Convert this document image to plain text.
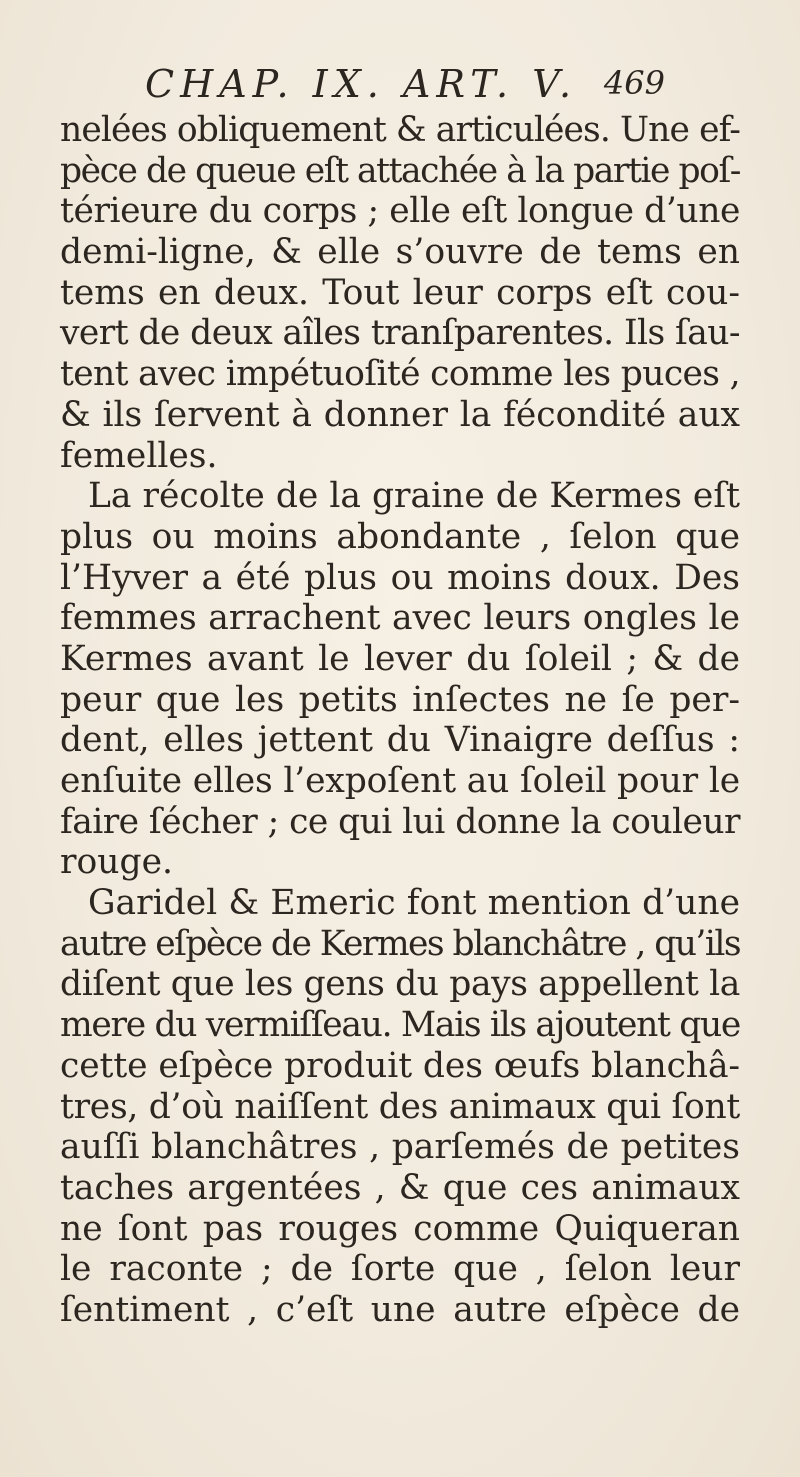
CHAP. IX. ART. V. 469
nelées obliquement & articulées. Une ef-
pèce de queue eſt attachée à la partie poſ-
térieure du corps ; elle eſt longue d’une
demi-ligne, & elle s’ouvre de tems en
tems en deux. Tout leur corps eſt cou-
vert de deux aîles tranſparentes. Ils ſau-
tent avec impétuoſité comme les puces ,
& ils ſervent à donner la fécondité aux
femelles.
La récolte de la graine de Kermes eſt
plus ou moins abondante , ſelon que
l’Hyver a été plus ou moins doux. Des
femmes arrachent avec leurs ongles le
Kermes avant le lever du ſoleil ; & de
peur que les petits inſectes ne ſe per-
dent, elles jettent du Vinaigre deſſus :
enſuite elles l’expoſent au ſoleil pour le
faire ſécher ; ce qui lui donne la couleur
rouge.
Garidel & Emeric font mention d’une
autre eſpèce de Kermes blanchâtre , qu’ils
diſent que les gens du pays appellent la
mere du vermiſſeau. Mais ils ajoutent que
cette eſpèce produit des œufs blanchâ-
tres, d’où naiſſent des animaux qui ſont
auſſi blanchâtres , parſemés de petites
taches argentées , & que ces animaux
ne ſont pas rouges comme Quiqueran
le raconte ; de ſorte que , ſelon leur
ſentiment , c’eſt une autre eſpèce de
